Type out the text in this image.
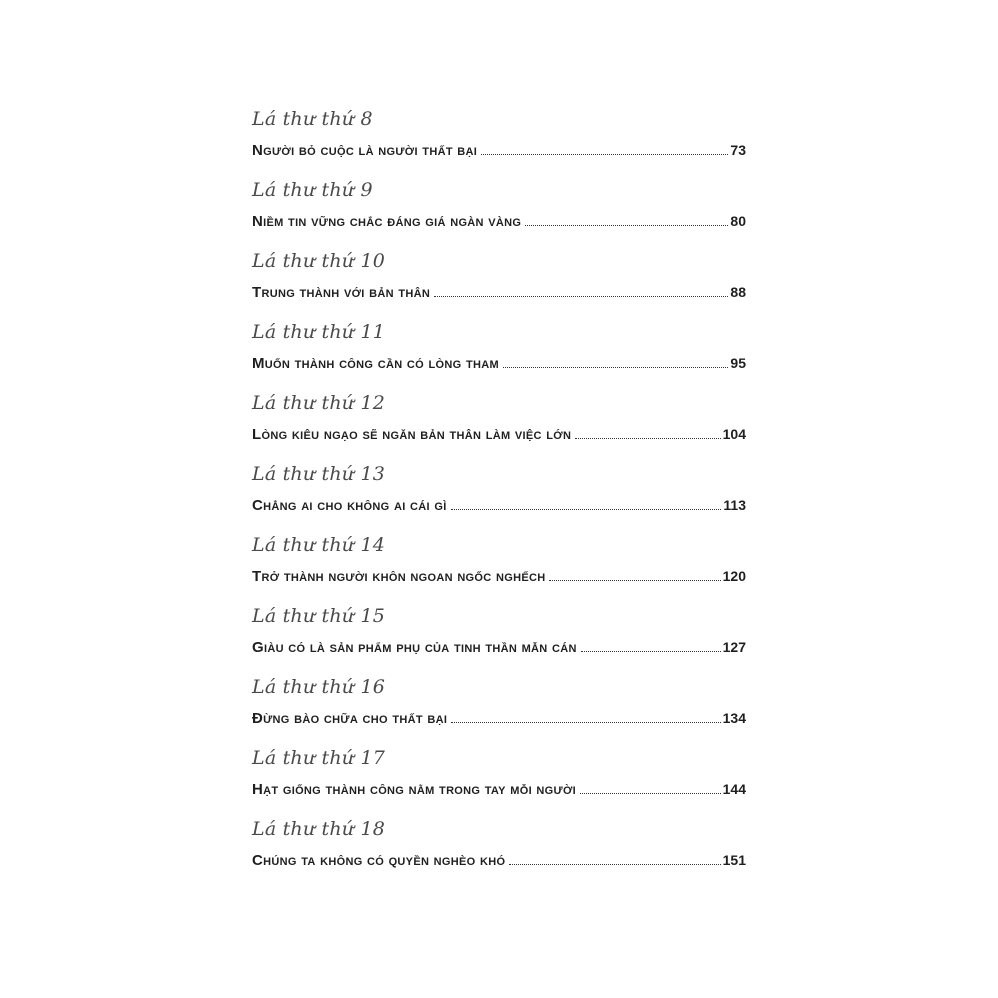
Lá thư thứ 8
Người bỏ cuộc là người thất bại	73
Lá thư thứ 9
Niềm tin vững chắc đáng giá ngàn vàng	80
Lá thư thứ 10
Trung thành với bản thân	88
Lá thư thứ 11
Muốn thành công cần có lòng tham	95
Lá thư thứ 12
Lòng kiêu ngạo sẽ ngăn bản thân làm việc lớn	104
Lá thư thứ 13
Chẳng ai cho không ai cái gì	113
Lá thư thứ 14
Trở thành người khôn ngoan ngốc nghếch	120
Lá thư thứ 15
Giàu có là sản phẩm phụ của tinh thần mẫn cán	127
Lá thư thứ 16
Đừng bào chữa cho thất bại	134
Lá thư thứ 17
Hạt giống thành công nằm trong tay mỗi người	144
Lá thư thứ 18
Chúng ta không có quyền nghèo khó	151
